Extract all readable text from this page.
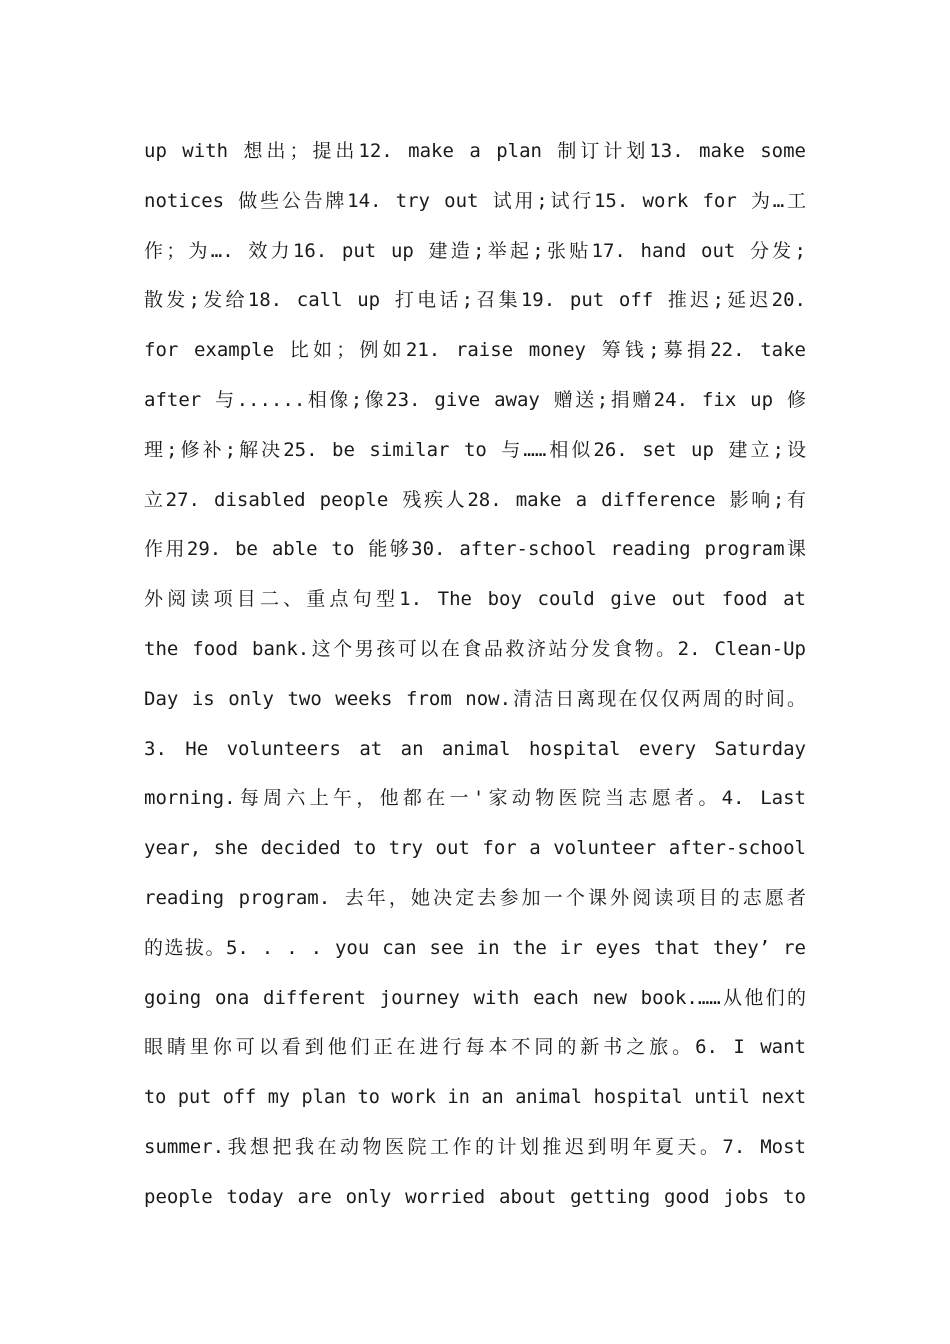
up with 想出；提出12. make a plan 制订计划13. make some
notices 做些公告牌14. try out 试用;试行15. work for 为…工
作；为…. 效力16. put up 建造;举起;张贴17. hand out 分发;
散发;发给18. call up 打电话;召集19. put off 推迟;延迟20.
for example 比如；例如21. raise money 筹钱;募捐22. take
after 与......相像;像23. give away 赠送;捐赠24. fix up 修
理;修补;解决25. be similar to 与……相似26. set up 建立;设
立27. disabled people 残疾人28. make a difference 影响;有
作用29. be able to 能够30. after-school reading program课
外阅读项目二、重点句型1. The boy could give out food at
the food bank.这个男孩可以在食品救济站分发食物。2. Clean-Up
Day is only two weeks from now.清洁日离现在仅仅两周的时间。
3. He volunteers at an animal hospital every Saturday
morning.每周六上午，他都在一'家动物医院当志愿者。4. Last
year, she decided to try out for a volunteer after-school
reading program. 去年，她决定去参加一个课外阅读项目的志愿者
的选拔。5. . . . you can see in the ir eyes that they’ re
going ona different journey with each new book.……从他们的
眼睛里你可以看到他们正在进行每本不同的新书之旅。6. I want
to put off my plan to work in an animal hospital until next
summer.我想把我在动物医院工作的计划推迟到明年夏天。7. Most
people today are only worried about getting good jobs to
